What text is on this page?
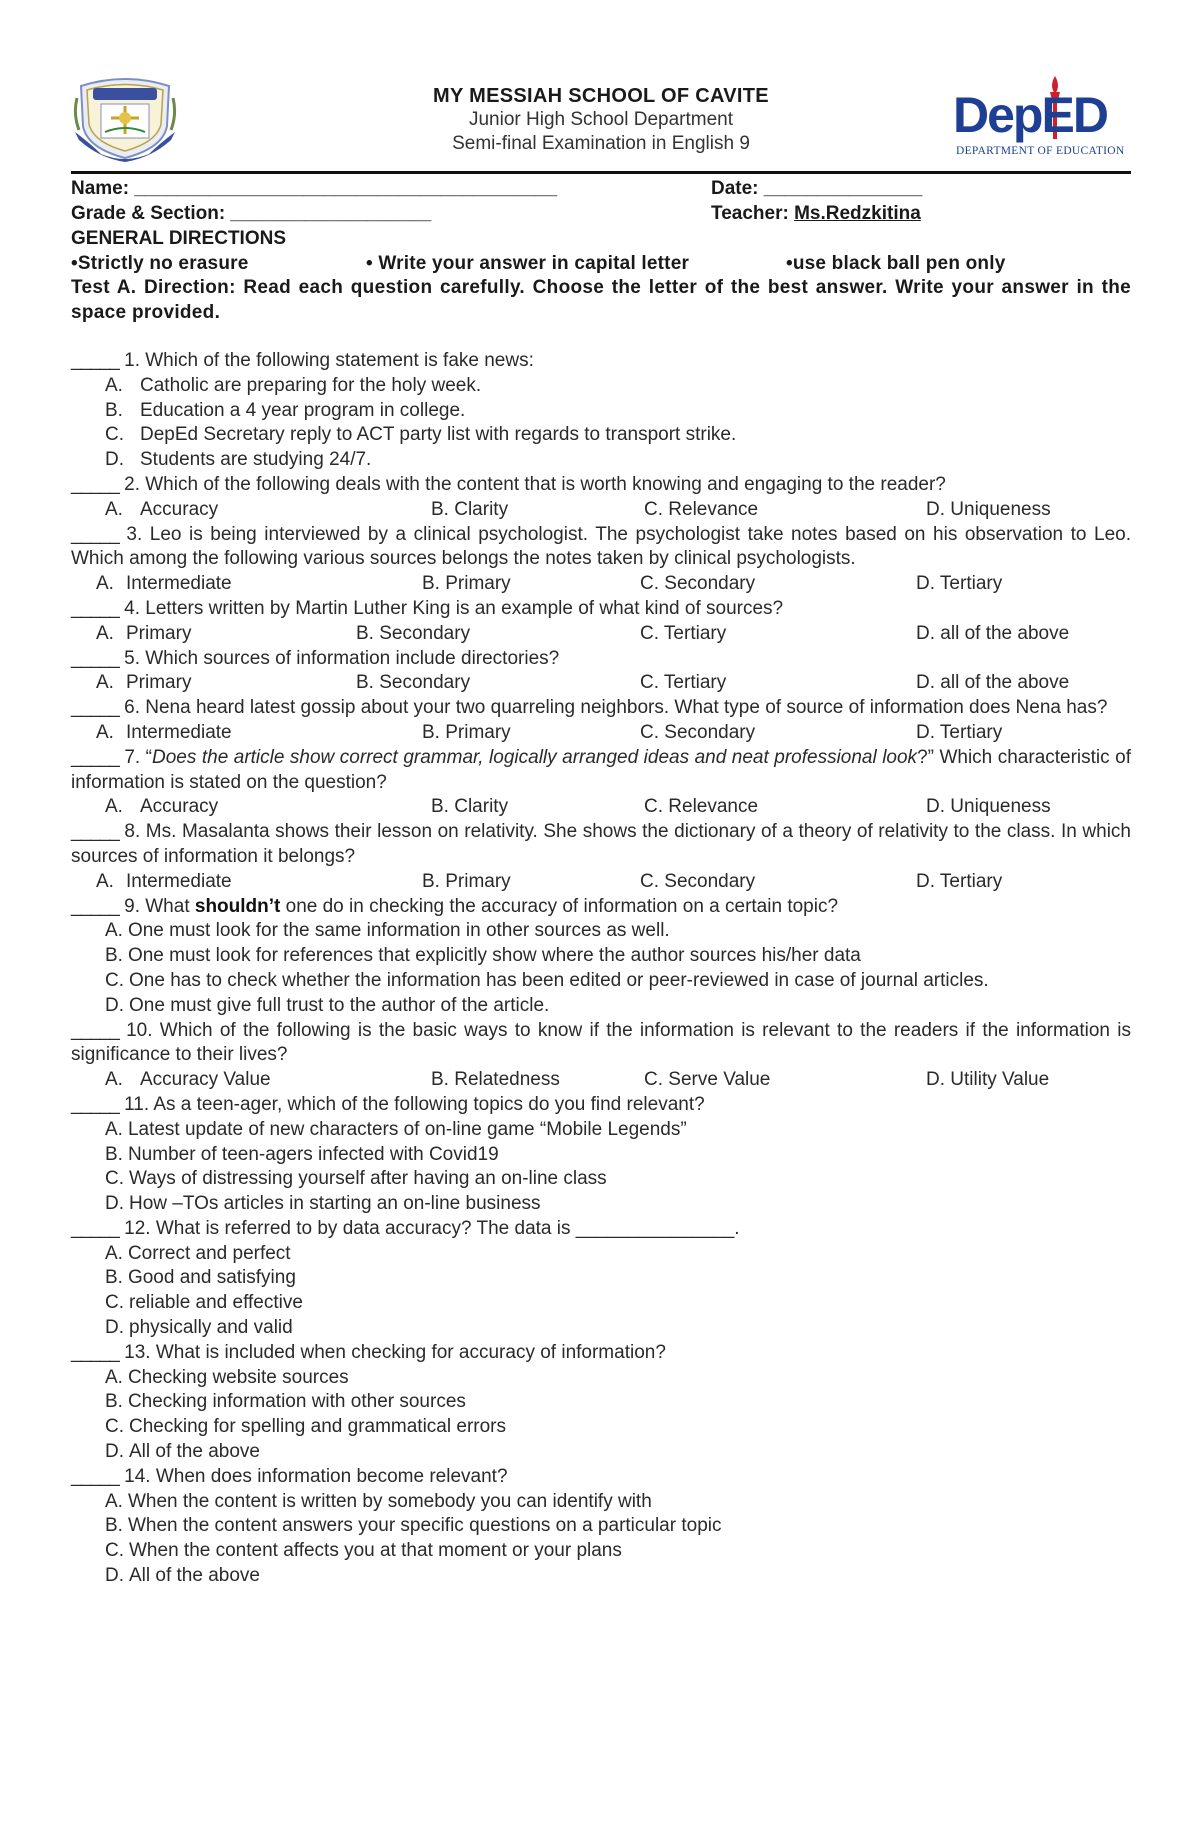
MY MESSIAH SCHOOL OF CAVITE
Junior High School Department
Semi-final Examination in English 9
DepED
DEPARTMENT OF EDUCATION
Name: ________________________________________	Date: _______________
Grade & Section: ___________________	Teacher: Ms.Redzkitina
GENERAL DIRECTIONS
•Strictly no erasure	• Write your answer in capital letter	•use black ball pen only
Test A. Direction: Read each question carefully. Choose the letter of the best answer. Write your answer in the space provided.
_____ 1. Which of the following statement is fake news:
A. Catholic are preparing for the holy week.
B. Education a 4 year program in college.
C. DepEd Secretary reply to ACT party list with regards to transport strike.
D. Students are studying 24/7.
_____ 2. Which of the following deals with the content that is worth knowing and engaging to the reader?
A. Accuracy	B. Clarity	C. Relevance	D. Uniqueness
_____ 3. Leo is being interviewed by a clinical psychologist. The psychologist take notes based on his observation to Leo. Which among the following various sources belongs the notes taken by clinical psychologists.
A. Intermediate	B. Primary	C. Secondary	D. Tertiary
_____ 4. Letters written by Martin Luther King is an example of what kind of sources?
A. Primary	B. Secondary	C. Tertiary	D. all of the above
_____ 5. Which sources of information include directories?
A. Primary	B. Secondary	C. Tertiary	D. all of the above
_____ 6. Nena heard latest gossip about your two quarreling neighbors. What type of source of information does Nena has?
A. Intermediate	B. Primary	C. Secondary	D. Tertiary
_____ 7. “Does the article show correct grammar, logically arranged ideas and neat professional look?” Which characteristic of information is stated on the question?
A. Accuracy	B. Clarity	C. Relevance	D. Uniqueness
_____ 8. Ms. Masalanta shows their lesson on relativity. She shows the dictionary of a theory of relativity to the class. In which sources of information it belongs?
A. Intermediate	B. Primary	C. Secondary	D. Tertiary
_____ 9. What shouldn’t one do in checking the accuracy of information on a certain topic?
A. One must look for the same information in other sources as well.
B. One must look for references that explicitly show where the author sources his/her data
C. One has to check whether the information has been edited or peer-reviewed in case of journal articles.
D. One must give full trust to the author of the article.
_____ 10. Which of the following is the basic ways to know if the information is relevant to the readers if the information is significance to their lives?
A. Accuracy Value	B. Relatedness	C. Serve Value	D. Utility Value
_____ 11. As a teen-ager, which of the following topics do you find relevant?
A. Latest update of new characters of on-line game “Mobile Legends”
B. Number of teen-agers infected with Covid19
C. Ways of distressing yourself after having an on-line class
D. How –TOs articles in starting an on-line business
_____ 12. What is referred to by data accuracy? The data is _______________.
A. Correct and perfect
B. Good and satisfying
C. reliable and effective
D. physically and valid
_____ 13. What is included when checking for accuracy of information?
A. Checking website sources
B. Checking information with other sources
C. Checking for spelling and grammatical errors
D. All of the above
_____ 14. When does information become relevant?
A. When the content is written by somebody you can identify with
B. When the content answers your specific questions on a particular topic
C. When the content affects you at that moment or your plans
D. All of the above
